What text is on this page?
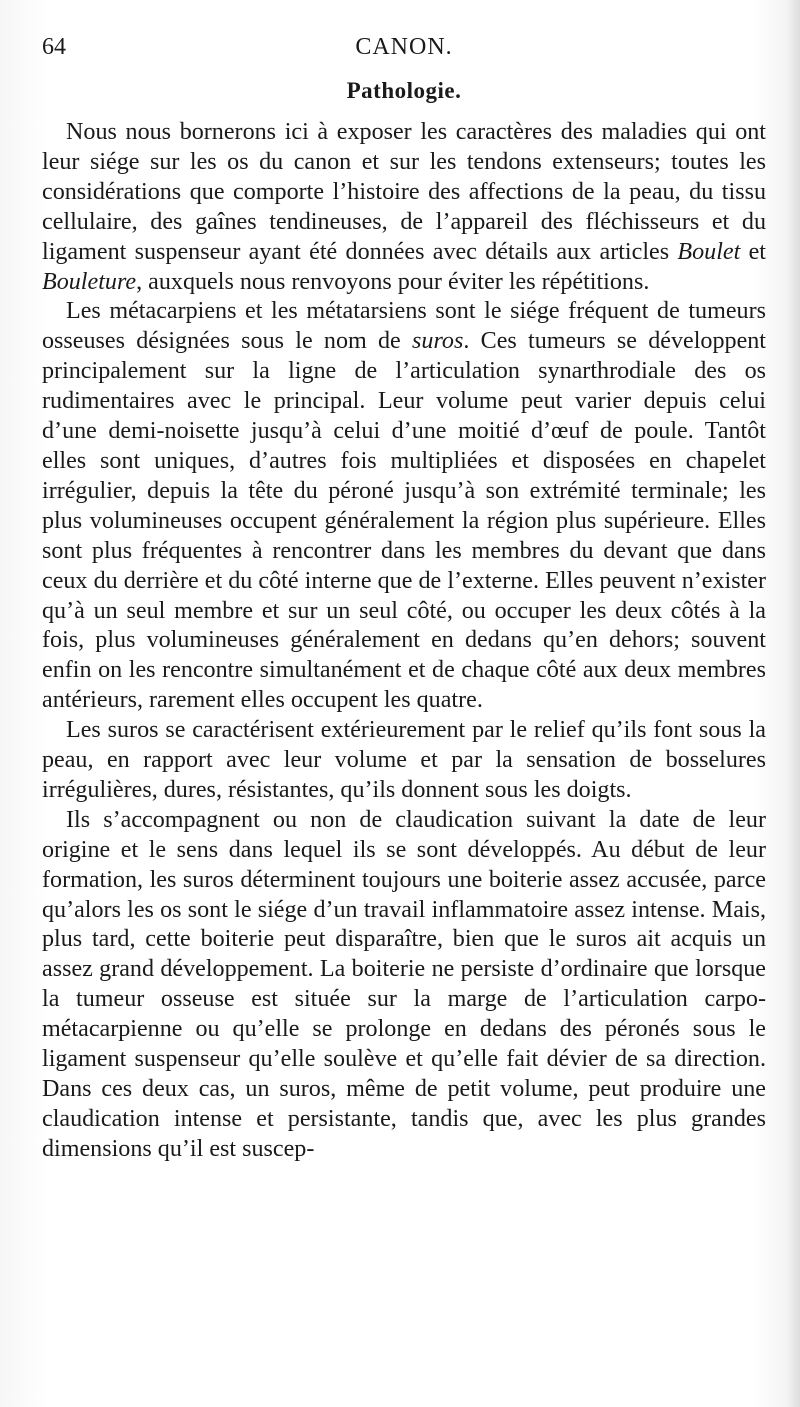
64	CANON.
Pathologie.

Nous nous bornerons ici à exposer les caractères des maladies qui ont leur siége sur les os du canon et sur les tendons extenseurs; toutes les considérations que comporte l’histoire des affections de la peau, du tissu cellulaire, des gaînes tendineuses, de l’appareil des fléchisseurs et du ligament suspenseur ayant été données avec détails aux articles Boulet et Bouleture, auxquels nous renvoyons pour éviter les répétitions.

Les métacarpiens et les métatarsiens sont le siége fréquent de tumeurs osseuses désignées sous le nom de suros. Ces tumeurs se développent principalement sur la ligne de l’articulation synarthrodiale des os rudimentaires avec le principal. Leur volume peut varier depuis celui d’une demi-noisette jusqu’à celui d’une moitié d’œuf de poule. Tantôt elles sont uniques, d’autres fois multipliées et disposées en chapelet irrégulier, depuis la tête du péroné jusqu’à son extrémité terminale; les plus volumineuses occupent généralement la région plus supérieure. Elles sont plus fréquentes à rencontrer dans les membres du devant que dans ceux du derrière et du côté interne que de l’externe. Elles peuvent n’exister qu’à un seul membre et sur un seul côté, ou occuper les deux côtés à la fois, plus volumineuses généralement en dedans qu’en dehors; souvent enfin on les rencontre simultanément et de chaque côté aux deux membres antérieurs, rarement elles occupent les quatre.

Les suros se caractérisent extérieurement par le relief qu’ils font sous la peau, en rapport avec leur volume et par la sensation de bosselures irrégulières, dures, résistantes, qu’ils donnent sous les doigts.

Ils s’accompagnent ou non de claudication suivant la date de leur origine et le sens dans lequel ils se sont développés. Au début de leur formation, les suros déterminent toujours une boiterie assez accusée, parce qu’alors les os sont le siége d’un travail inflammatoire assez intense. Mais, plus tard, cette boiterie peut disparaître, bien que le suros ait acquis un assez grand développement. La boiterie ne persiste d’ordinaire que lorsque la tumeur osseuse est située sur la marge de l’articulation carpo-métacarpienne ou qu’elle se prolonge en dedans des péronés sous le ligament suspenseur qu’elle soulève et qu’elle fait dévier de sa direction. Dans ces deux cas, un suros, même de petit volume, peut produire une claudication intense et persistante, tandis que, avec les plus grandes dimensions qu’il est suscep-
